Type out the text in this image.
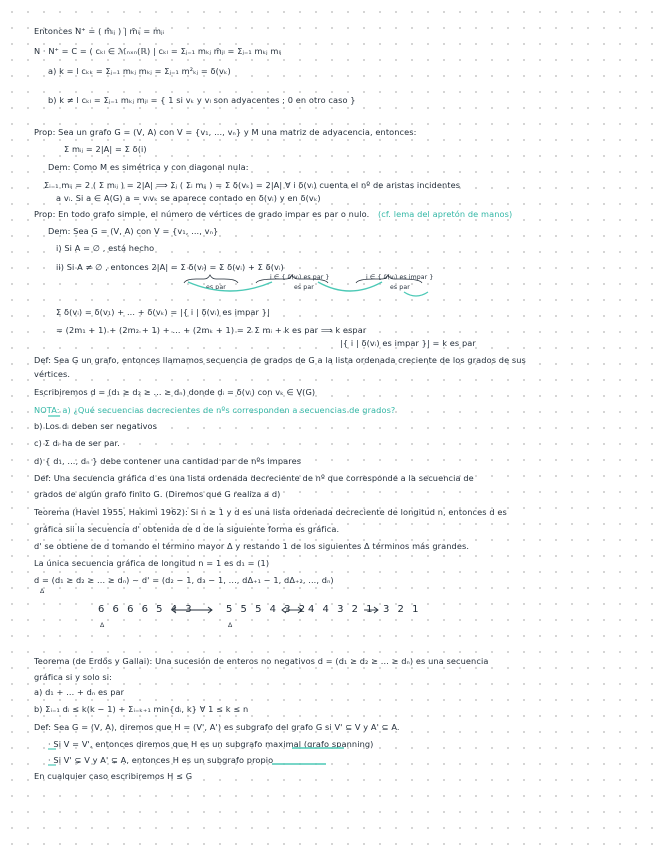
Entonces N⁺ = ( m̄ᵢⱼ ) | m̄ᵢⱼ = mⱼᵢ
N · N⁺ = C = ( cₖₗ ∈ ℳₙₓₙ(ℝ) | cₖₗ = Σⱼ₌₁ mₖⱼ m̄ⱼₗ = Σⱼ₌₁ mₖⱼ mₗⱼ
a) k = l cₖₖ = Σⱼ₌₁ mₖⱼ mₖⱼ = Σⱼ₌₁ m²ₖⱼ = δ(vₖ)
b) k ≠ l cₖₗ = Σⱼ₌₁ mₖⱼ mⱼₗ = { 1 si vₖ y vₗ son adyacentes ; 0 en otro caso }
Prop: Sea un grafo G = (V, A) con V = {v₁, ..., vₙ} y M una matriz de adyacencia, entonces:
Σ mᵢⱼ = 2|A| = Σ δ(i)
Dem: Como M es simétrica y con diagonal nula:
Σᵢ₌₁ mᵢⱼ = 2 ( Σ mᵢⱼ ) = 2|A| ⟹ Σⱼ ( Σᵢ mᵢⱼ ) = Σ δ(vₖ) = 2|A| ∀ i δ(vᵢ) cuenta el nº de aristas incidentes
a vᵢ. Si a ∈ A(G) a = vᵢvₖ se aparece contado en δ(vᵢ) y en δ(vₖ)
Prop: En todo grafo simple, el número de vértices de grado impar es par o nulo. (cf. lema del apretón de manos)
Dem: Sea G = (V, A) con V = {v₁, ..., vₙ}
i) Si A = ∅ , está hecho
ii) Si A ≠ ∅ , entonces 2|A| = Σ δ(vᵢ) = Σ δ(vᵢ) + Σ δ(vᵢ)
i ∈ { δ(vᵢ) es par }	i ∈ { δ(vᵢ) es impar }
es par	es par	es par
Σ δ(vᵢ) = δ(v₁) + ... + δ(vₖ) = |{ i | δ(vᵢ) es impar }|
= (2m₁ + 1) + (2m₂ + 1) + ... + (2mₖ + 1) = 2 Σ mᵢ + k es par ⟹ k espar
|{ i | δ(vᵢ) es impar }| = k es par
Def: Sea G un grafo, entonces llamamos secuencia de grados de G a la lista ordenada creciente de los grados de sus
vértices.
Escribiremos d = (d₁ ≥ d₂ ≥ ... ≥ dₙ) donde dᵢ = δ(vᵢ) con vₖ ∈ V(G)
NOTA: a) ¿Qué secuencias decrecientes de nºs corresponden a secuencias de grados?
b) Los dᵢ deben ser negativos
c) Σ dᵢ ha de ser par.
d) { d₁, ..., dₙ } debe contener una cantidad par de nºs impares
Def: Una secuencia gráfica d es una lista ordenada decreciente de nº que corresponde a la secuencia de
grados de algún grafo finito G. (Diremos que G realiza a d)
Teorema (Havel 1955, Hakimi 1962): Si n ≥ 1 y d es una lista ordenada decreciente de longitud n, entonces d es
gráfica sii la secuencia d' obtenida de d de la siguiente forma es gráfica.
d' se obtiene de d tomando el término mayor Δ y restando 1 de los siguientes Δ términos más grandes.
La única secuencia gráfica de longitud n = 1 es d₁ = (1)
d = (d₁ ≥ d₂ ≥ ... ≥ dₙ) ~ d' = (d₂ − 1, d₃ − 1, ..., dΔ₊₁ − 1, dΔ₊₂, ..., dₙ)
Δ
6 6 6 6 5 4 3	5 5 5 4 3 2 4 4 3 2 1 3 2 1
Δ	Δ
Teorema (de Erdős y Gallai): Una sucesión de enteros no negativos d = (d₁ ≥ d₂ ≥ ... ≥ dₙ) es una secuencia
gráfica si y solo si:
a) d₁ + ... + dₙ es par
b) Σᵢ₌₁ dᵢ ≤ k(k − 1) + Σᵢ₌ₖ₊₁ min{dᵢ, k} ∀ 1 ≤ k ≤ n
Def: Sea G = (V, A), diremos que H = (V', A') es subgrafo del grafo G si V' ⊆ V y A' ⊆ A.
· Si V = V', entonces diremos que H es un subgrafo maximal (grafo spanning)
· Si V' ⊊ V y A' ⊊ A, entonces H es un subgrafo propio
En cualquier caso escribiremos H ≤ G
